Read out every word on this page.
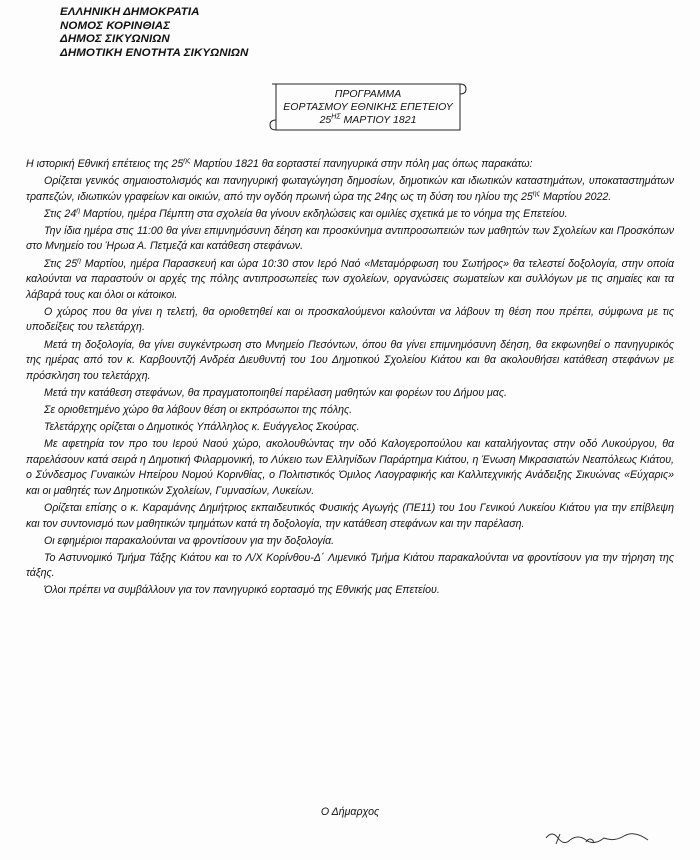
ΕΛΛΗΝΙΚΗ ΔΗΜΟΚΡΑΤΙΑ
ΝΟΜΟΣ ΚΟΡΙΝΘΙΑΣ
ΔΗΜΟΣ ΣΙΚΥΩΝΙΩΝ
ΔΗΜΟΤΙΚΗ ΕΝΟΤΗΤΑ ΣΙΚΥΩΝΙΩΝ
ΠΡΟΓΡΑΜΜΑ
ΕΟΡΤΑΣΜΟΥ ΕΘΝΙΚΗΣ ΕΠΕΤΕΙΟΥ
$25^{H\Sigma}$ ΜΑΡΤΙΟΥ 1821

Η ιστορική Εθνική επέτειος της $25^{\eta\varsigma}$ Μαρτίου 1821 θα εορταστεί πανηγυρικά στην πόλη μας όπως παρακάτω:

Ορίζεται γενικός σημαιοστολισμός και πανηγυρική φωταγώγηση δημοσίων, δημοτικών και ιδιωτικών καταστημάτων, υποκαταστημάτων τραπεζών, ιδιωτικών γραφείων και οικιών, από την ογδόη πρωινή ώρα της 24ης ως τη δύση του ηλίου της $25^{\eta\varsigma}$ Μαρτίου 2022.

Στις $24^\eta$ Μαρτίου, ημέρα Πέμπτη στα σχολεία θα γίνουν εκδηλώσεις και ομιλίες σχετικά με το νόημα της Επετείου.

Την ίδια ημέρα στις 11:00 θα γίνει επιμνημόσυνη δέηση και προσκύνημα αντιπροσωπειών των μαθητών των Σχολείων και Προσκόπων στο Μνημείο του Ήρωα Α. Πετμεζά και κατάθεση στεφάνων.

Στις $25^\eta$ Μαρτίου, ημέρα Παρασκευή και ώρα 10:30 στον Ιερό Ναό «Μεταμόρφωση του Σωτήρος» θα τελεστεί δοξολογία, στην οποία καλούνται να παραστούν οι αρχές της πόλης αντιπροσωπείες των σχολείων, οργανώσεις σωματείων και συλλόγων με τις σημαίες και τα λάβαρά τους και όλοι οι κάτοικοι.

Ο χώρος που θα γίνει η τελετή, θα οριοθετηθεί και οι προσκαλούμενοι καλούνται να λάβουν τη θέση που πρέπει, σύμφωνα με τις υποδείξεις του τελετάρχη.

Μετά τη δοξολογία, θα γίνει συγκέντρωση στο Μνημείο Πεσόντων, όπου θα γίνει επιμνημόσυνη δέηση, θα εκφωνηθεί ο πανηγυρικός της ημέρας από τον κ. Καρβουντζή Ανδρέα Διευθυντή του 1ου Δημοτικού Σχολείου Κιάτου και θα ακολουθήσει κατάθεση στεφάνων με πρόσκληση του τελετάρχη.

Μετά την κατάθεση στεφάνων, θα πραγματοποιηθεί παρέλαση μαθητών και φορέων του Δήμου μας.

Σε οριοθετημένο χώρο θα λάβουν θέση οι εκπρόσωποι της πόλης.

Τελετάρχης ορίζεται ο Δημοτικός Υπάλληλος κ. Ευάγγελος Σκούρας.

Με αφετηρία τον προ του Ιερού Ναού χώρο, ακολουθώντας την οδό Καλογεροπούλου και καταλήγοντας στην οδό Λυκούργου, θα παρελάσουν κατά σειρά η Δημοτική Φιλαρμονική, το Λύκειο των Ελληνίδων Παράρτημα Κιάτου, η Ένωση Μικρασιατών Νεαπόλεως Κιάτου, ο Σύνδεσμος Γυναικών Ηπείρου Νομού Κορινθίας, ο Πολιτιστικός Όμιλος Λαογραφικής και Καλλιτεχνικής Ανάδειξης Σικυώνας «Εύχαρις» και οι μαθητές των Δημοτικών Σχολείων, Γυμνασίων, Λυκείων.

Ορίζεται επίσης ο κ. Καραμάνης Δημήτριος εκπαιδευτικός Φυσικής Αγωγής (ΠΕ11) του 1ου Γενικού Λυκείου Κιάτου για την επίβλεψη και τον συντονισμό των μαθητικών τμημάτων κατά τη δοξολογία, την κατάθεση στεφάνων και την παρέλαση.

Οι εφημέριοι παρακαλούνται να φροντίσουν για την δοξολογία.

Το Αστυνομικό Τμήμα Τάξης Κιάτου και το Λ/Χ Κορίνθου-Δ΄ Λιμενικό Τμήμα Κιάτου παρακαλούνται να φροντίσουν για την τήρηση της τάξης.

Όλοι πρέπει να συμβάλλουν για τον πανηγυρικό εορτασμό της Εθνικής μας Επετείου.

Ο Δήμαρχος
